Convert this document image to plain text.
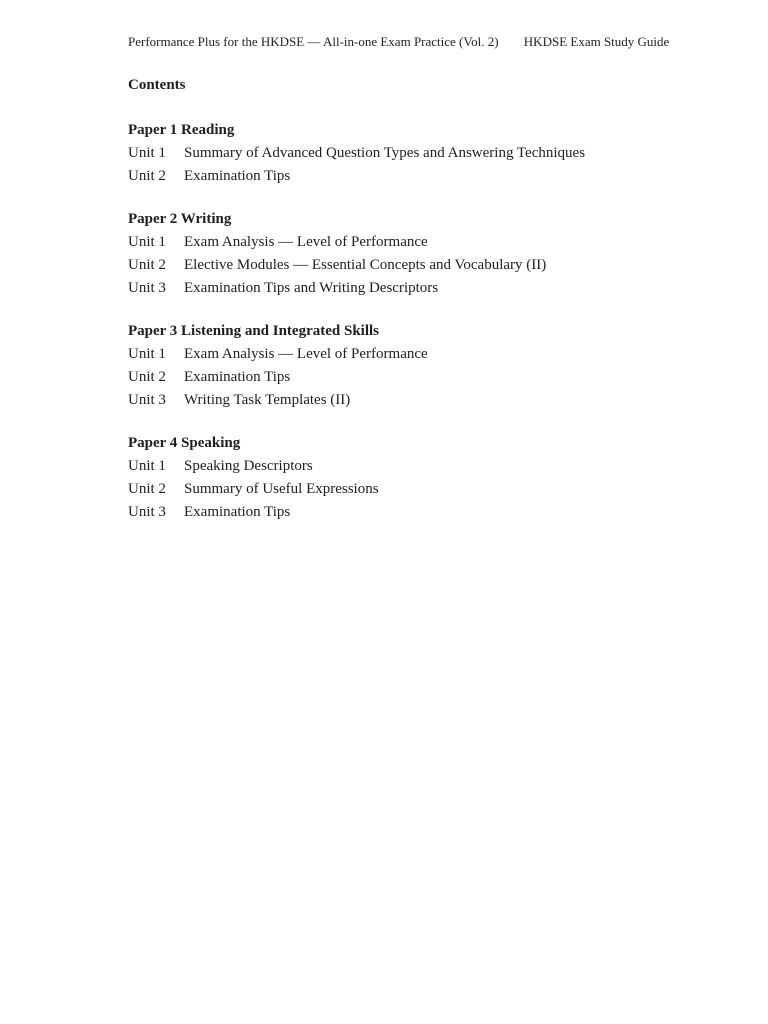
Performance Plus for the HKDSE — All-in-one Exam Practice (Vol. 2) HKDSE Exam Study Guide
Contents
Paper 1 Reading
Unit 1	Summary of Advanced Question Types and Answering Techniques
Unit 2	Examination Tips
Paper 2 Writing
Unit 1	Exam Analysis — Level of Performance
Unit 2	Elective Modules — Essential Concepts and Vocabulary (II)
Unit 3	Examination Tips and Writing Descriptors
Paper 3 Listening and Integrated Skills
Unit 1	Exam Analysis — Level of Performance
Unit 2	Examination Tips
Unit 3	Writing Task Templates (II)
Paper 4 Speaking
Unit 1	Speaking Descriptors
Unit 2	Summary of Useful Expressions
Unit 3	Examination Tips
